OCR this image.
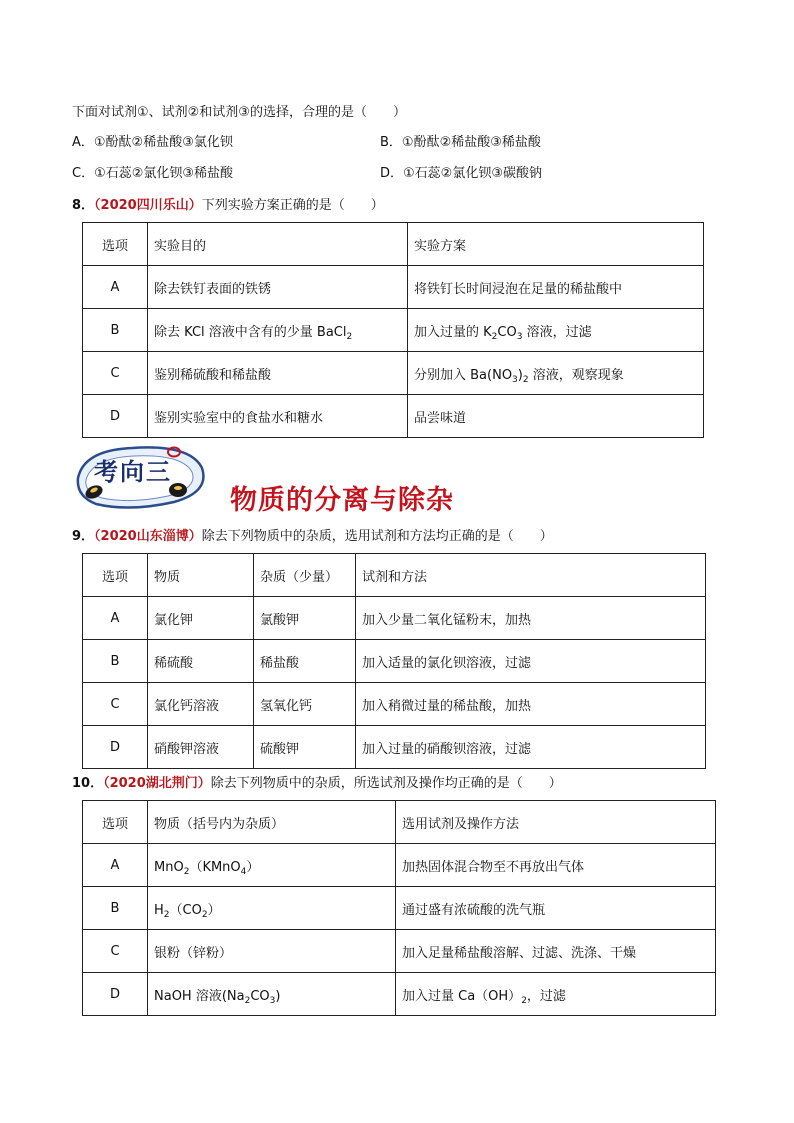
下面对试剂①、试剂②和试剂③的选择，合理的是（　　）
A．①酚酞②稀盐酸③氯化钡	B．①酚酞②稀盐酸③稀盐酸
C．①石蕊②氯化钡③稀盐酸	D．①石蕊②氯化钡③碳酸钠
8．（2020四川乐山）下列实验方案正确的是（　　）
选项	实验目的	实验方案
A	除去铁钉表面的铁锈	将铁钉长时间浸泡在足量的稀盐酸中
B	除去 KCl 溶液中含有的少量 BaCl$_2$	加入过量的 $K_2CO_3$ 溶液，过滤
C	鉴别稀硫酸和稀盐酸	分别加入 $Ba(NO_3)_2$ 溶液，观察现象
D	鉴别实验室中的食盐水和糖水	品尝味道
考向三
物质的分离与除杂
9．（2020山东淄博）除去下列物质中的杂质，选用试剂和方法均正确的是（　　）
选项	物质	杂质（少量）	试剂和方法
A	氯化钾	氯酸钾	加入少量二氧化锰粉末，加热
B	稀硫酸	稀盐酸	加入适量的氯化钡溶液，过滤
C	氯化钙溶液	氢氧化钙	加入稍微过量的稀盐酸，加热
D	硝酸钾溶液	硫酸钾	加入过量的硝酸钡溶液，过滤
10．（2020湖北荆门）除去下列物质中的杂质，所选试剂及操作均正确的是（　　）
选项	物质（括号内为杂质）	选用试剂及操作方法
A	MnO$_2$（KMnO$_4$）	加热固体混合物至不再放出气体
B	$H_2(CO_2)$	通过盛有浓硫酸的洗气瓶
C	银粉（锌粉）	加入足量稀盐酸溶解、过滤、洗涤、干燥
D	NaOH 溶液$(Na_2CO_3)$	加入过量 $Ca(OH)_2$，过滤
